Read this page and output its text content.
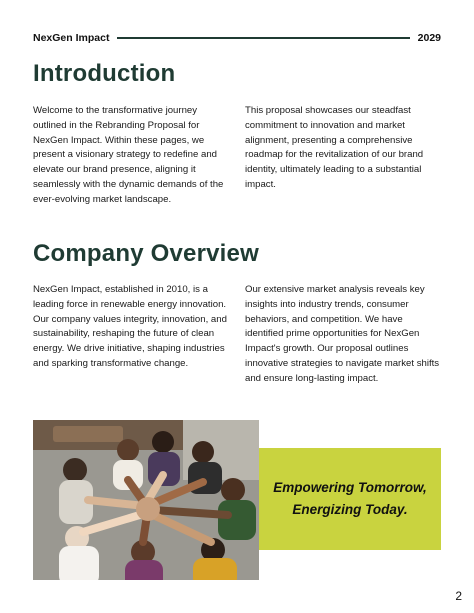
NexGen Impact	2029
Introduction

Welcome to the transformative journey outlined in the Rebranding Proposal for NexGen Impact. Within these pages, we present a visionary strategy to redefine and elevate our brand presence, aligning it seamlessly with the dynamic demands of the ever-evolving market landscape.

This proposal showcases our steadfast commitment to innovation and market alignment, presenting a comprehensive roadmap for the revitalization of our brand identity, ultimately leading to a substantial impact.

Company Overview

NexGen Impact, established in 2010, is a leading force in renewable energy innovation. Our company values integrity, innovation, and sustainability, reshaping the future of clean energy. We drive initiative, shaping industries and sparking transformative change.

Our extensive market analysis reveals key insights into industry trends, consumer behaviors, and competition. We have identified prime opportunities for NexGen Impact's growth. Our proposal outlines innovative strategies to navigate market shifts and ensure long-lasting impact.

Empowering Tomorrow,
Energizing Today.
2
